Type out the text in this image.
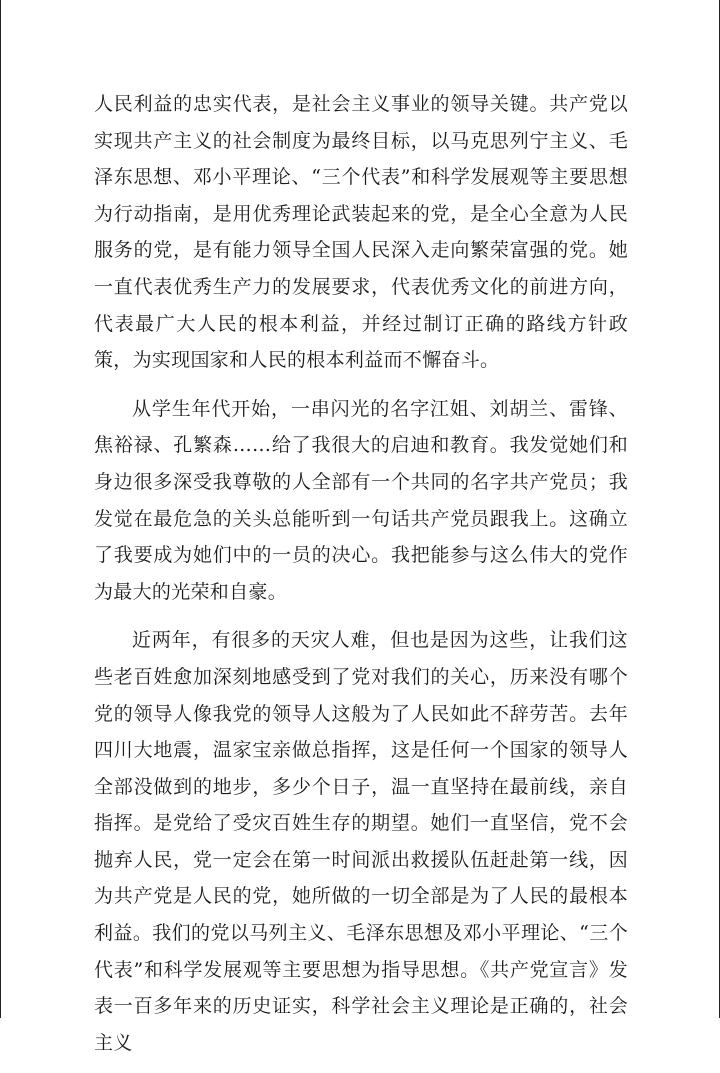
人民利益的忠实代表，是社会主义事业的领导关键。共产党以实现共产主义的社会制度为最终目标，以马克思列宁主义、毛泽东思想、邓小平理论、“三个代表”和科学发展观等主要思想为行动指南，是用优秀理论武装起来的党，是全心全意为人民服务的党，是有能力领导全国人民深入走向繁荣富强的党。她一直代表优秀生产力的发展要求，代表优秀文化的前进方向，代表最广大人民的根本利益，并经过制订正确的路线方针政策，为实现国家和人民的根本利益而不懈奋斗。

从学生年代开始，一串闪光的名字江姐、刘胡兰、雷锋、焦裕禄、孔繁森……给了我很大的启迪和教育。我发觉她们和身边很多深受我尊敬的人全部有一个共同的名字共产党员；我发觉在最危急的关头总能听到一句话共产党员跟我上。这确立了我要成为她们中的一员的决心。我把能参与这么伟大的党作为最大的光荣和自豪。

近两年，有很多的天灾人难，但也是因为这些，让我们这些老百姓愈加深刻地感受到了党对我们的关心，历来没有哪个党的领导人像我党的领导人这般为了人民如此不辞劳苦。去年四川大地震，温家宝亲做总指挥，这是任何一个国家的领导人全部没做到的地步，多少个日子，温一直坚持在最前线，亲自指挥。是党给了受灾百姓生存的期望。她们一直坚信，党不会抛弃人民，党一定会在第一时间派出救援队伍赶赴第一线，因为共产党是人民的党，她所做的一切全部是为了人民的最根本利益。我们的党以马列主义、毛泽东思想及邓小平理论、“三个代表”和科学发展观等主要思想为指导思想。《共产党宣言》发表一百多年来的历史证实，科学社会主义理论是正确的，社会主义
